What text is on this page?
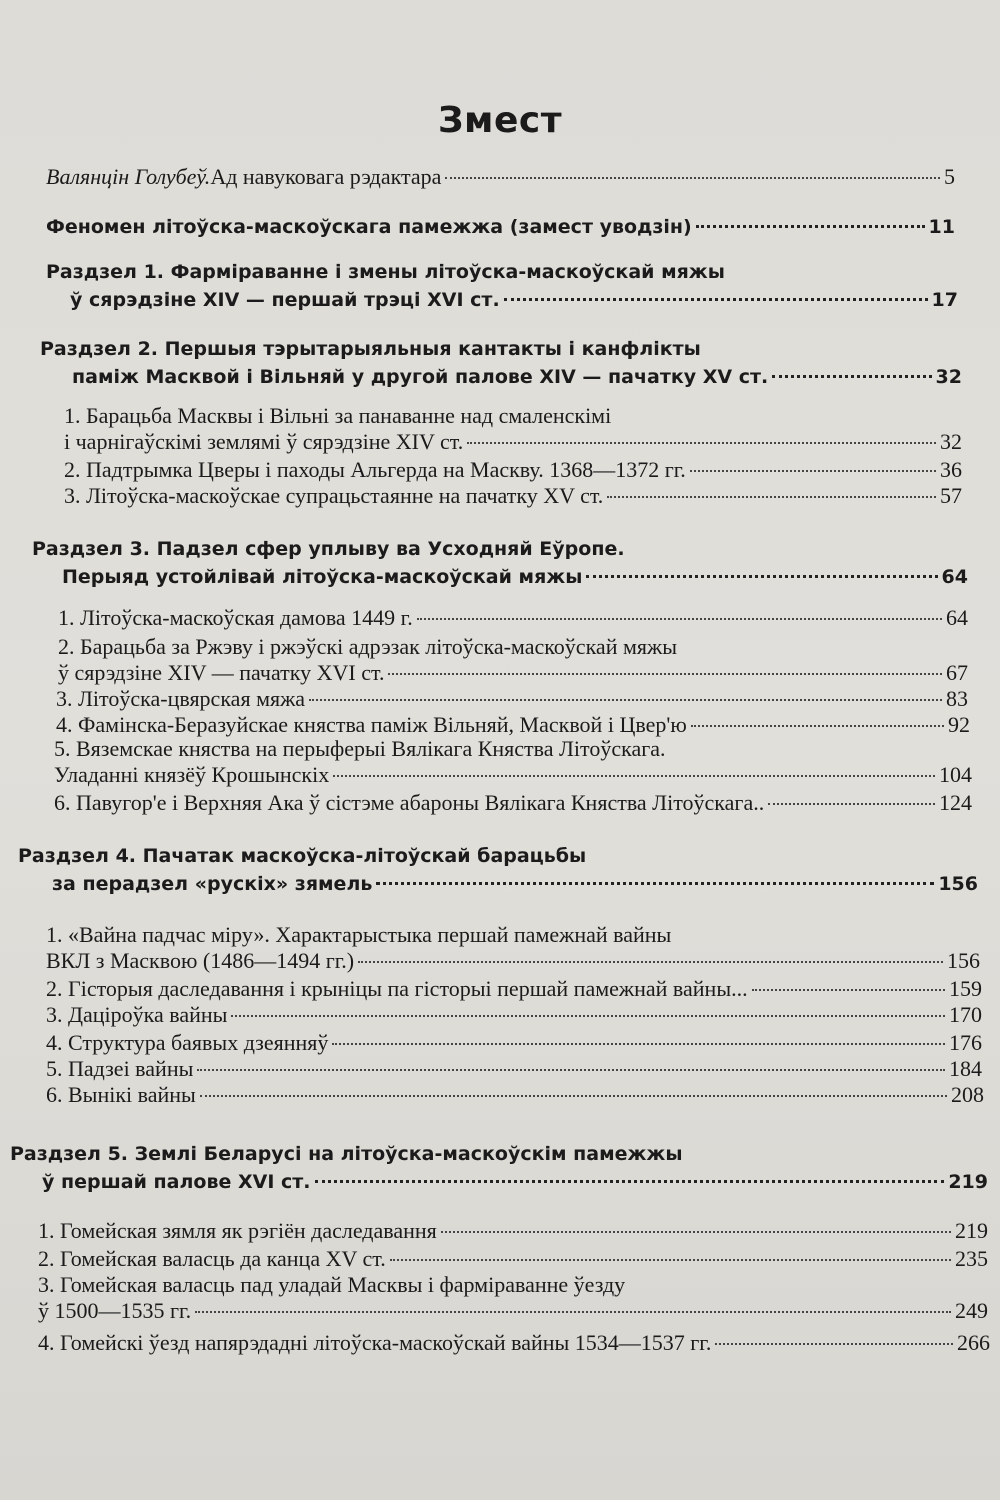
Змест
Валянцін Голубеў. Ад навуковага рэдактара	5
Феномен літоўска-маскоўскага памежжа (замест уводзін)	11
Раздзел 1. Фарміраванне і змены літоўска-маскоўскай мяжы
ў сярэдзіне XIV — першай трэці XVI ст.	17
Раздзел 2. Першыя тэрытарыяльныя кантакты і канфлікты
паміж Масквой і Вільняй у другой палове XIV — пачатку XV ст.	32
1. Барацьба Масквы і Вільні за панаванне над смаленскімі
і чарнігаўскімі землямі ў сярэдзіне XIV ст.	32
2. Падтрымка Цверы і паходы Альгерда на Маскву. 1368—1372 гг.	36
3. Літоўска-маскоўскае супрацьстаянне на пачатку XV ст.	57
Раздзел 3. Падзел сфер уплыву ва Усходняй Еўропе.
Перыяд устойлівай літоўска-маскоўскай мяжы	64
1. Літоўска-маскоўская дамова 1449 г.	64
2. Барацьба за Ржэву і ржэўскі адрэзак літоўска-маскоўскай мяжы
ў сярэдзіне XIV — пачатку XVI ст.	67
3. Літоўска-цвярская мяжа	83
4. Фамінска-Беразуйскае княства паміж Вільняй, Масквой і Цвер'ю	92
5. Вяземскае княства на перыферыі Вялікага Княства Літоўскага.
Уладанні князёў Крошынскіх	104
6. Павугор'е і Верхняя Ака ў сістэме абароны Вялікага Княства Літоўскага..	124
Раздзел 4. Пачатак маскоўска-літоўскай барацьбы
за перадзел «рускіх» зямель	156
1. «Вайна падчас міру». Характарыстыка першай памежнай вайны
ВКЛ з Масквою (1486—1494 гг.)	156
2. Гісторыя даследавання і крыніцы па гісторыі першай памежнай вайны...	159
3. Дацiроўка вайны	170
4. Структура баявых дзеянняў	176
5. Падзеі вайны	184
6. Вынікі вайны	208
Раздзел 5. Землі Беларусі на літоўска-маскоўскім памежжы
ў першай палове XVI ст.	219
1. Гомейская зямля як рэгіён даследавання	219
2. Гомейская валасць да канца XV ст.	235
3. Гомейская валасць пад уладай Масквы і фарміраванне ўезду
ў 1500—1535 гг.	249
4. Гомейскі ўезд напярэдадні літоўска-маскоўскай вайны 1534—1537 гг.	266
